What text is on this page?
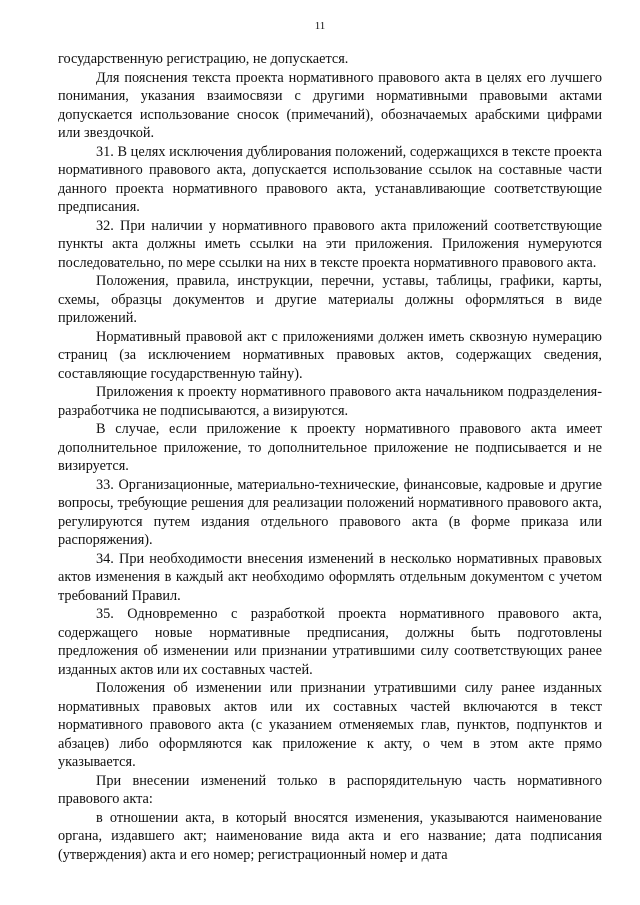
11

государственную регистрацию, не допускается.

Для пояснения текста проекта нормативного правового акта в целях его лучшего понимания, указания взаимосвязи с другими нормативными правовыми актами допускается использование сносок (примечаний), обозначаемых арабскими цифрами или звездочкой.

31. В целях исключения дублирования положений, содержащихся в тексте проекта нормативного правового акта, допускается использование ссылок на составные части данного проекта нормативного правового акта, устанавливающие соответствующие предписания.

32. При наличии у нормативного правового акта приложений соответствующие пункты акта должны иметь ссылки на эти приложения. Приложения нумеруются последовательно, по мере ссылки на них в тексте проекта нормативного правового акта.

Положения, правила, инструкции, перечни, уставы, таблицы, графики, карты, схемы, образцы документов и другие материалы должны оформляться в виде приложений.

Нормативный правовой акт с приложениями должен иметь сквозную нумерацию страниц (за исключением нормативных правовых актов, содержащих сведения, составляющие государственную тайну).

Приложения к проекту нормативного правового акта начальником подразделения-разработчика не подписываются, а визируются.

В случае, если приложение к проекту нормативного правового акта имеет дополнительное приложение, то дополнительное приложение не подписывается и не визируется.

33. Организационные, материально-технические, финансовые, кадровые и другие вопросы, требующие решения для реализации положений нормативного правового акта, регулируются путем издания отдельного правового акта (в форме приказа или распоряжения).

34. При необходимости внесения изменений в несколько нормативных правовых актов изменения в каждый акт необходимо оформлять отдельным документом с учетом требований Правил.

35. Одновременно с разработкой проекта нормативного правового акта, содержащего новые нормативные предписания, должны быть подготовлены предложения об изменении или признании утратившими силу соответствующих ранее изданных актов или их составных частей.

Положения об изменении или признании утратившими силу ранее изданных нормативных правовых актов или их составных частей включаются в текст нормативного правового акта (с указанием отменяемых глав, пунктов, подпунктов и абзацев) либо оформляются как приложение к акту, о чем в этом акте прямо указывается.

При внесении изменений только в распорядительную часть нормативного правового акта:

в отношении акта, в который вносятся изменения, указываются наименование органа, издавшего акт; наименование вида акта и его название; дата подписания (утверждения) акта и его номер; регистрационный номер и дата
